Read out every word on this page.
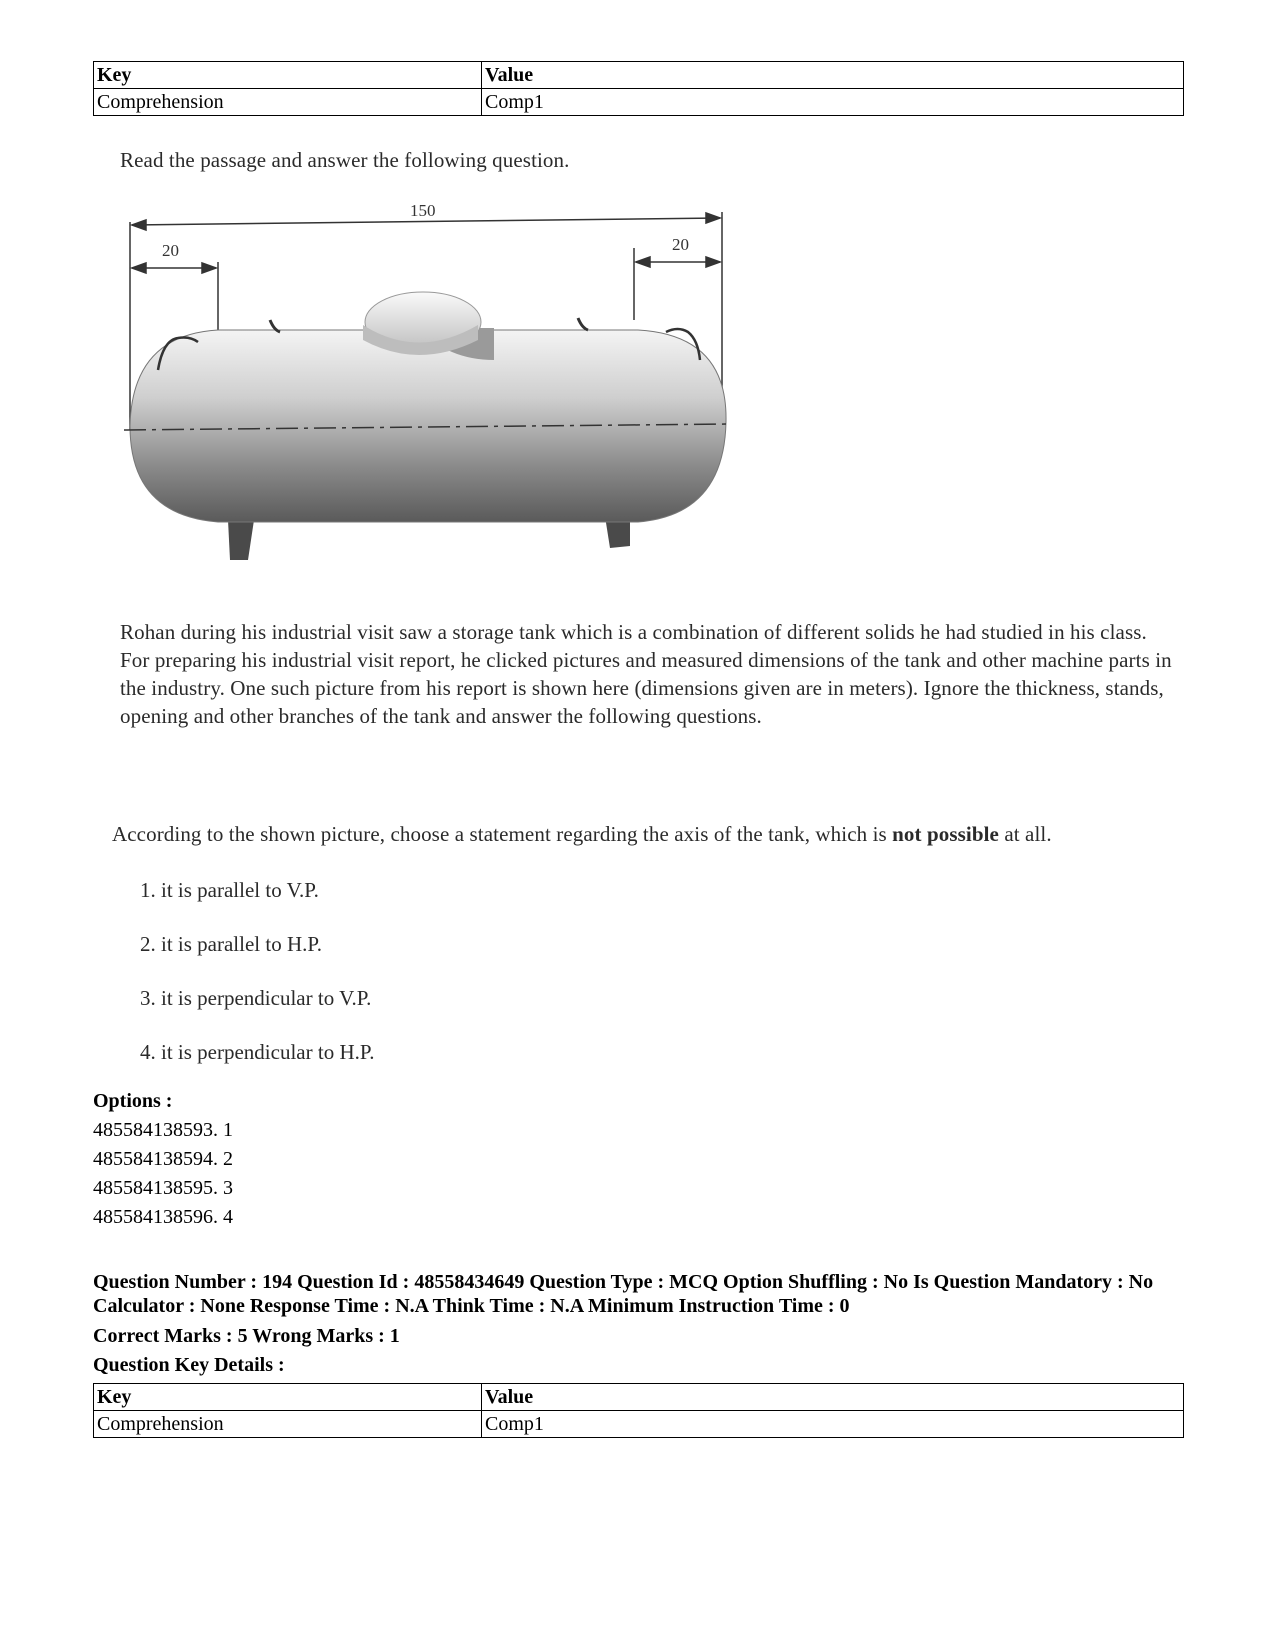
Key	Value
Comprehension	Comp1
Read the passage and answer the following question.
150
20	20
Rohan during his industrial visit saw a storage tank which is a combination of different solids he had studied in his class. For preparing his industrial visit report, he clicked pictures and measured dimensions of the tank and other machine parts in the industry. One such picture from his report is shown here (dimensions given are in meters). Ignore the thickness, stands, opening and other branches of the tank and answer the following questions.
According to the shown picture, choose a statement regarding the axis of the tank, which is not possible at all.
1. it is parallel to V.P.
2. it is parallel to H.P.
3. it is perpendicular to V.P.
4. it is perpendicular to H.P.
Options :
485584138593. 1
485584138594. 2
485584138595. 3
485584138596. 4
Question Number : 194 Question Id : 48558434649 Question Type : MCQ Option Shuffling : No Is Question Mandatory : No Calculator : None Response Time : N.A Think Time : N.A Minimum Instruction Time : 0
Correct Marks : 5 Wrong Marks : 1
Question Key Details :
Key	Value
Comprehension	Comp1
